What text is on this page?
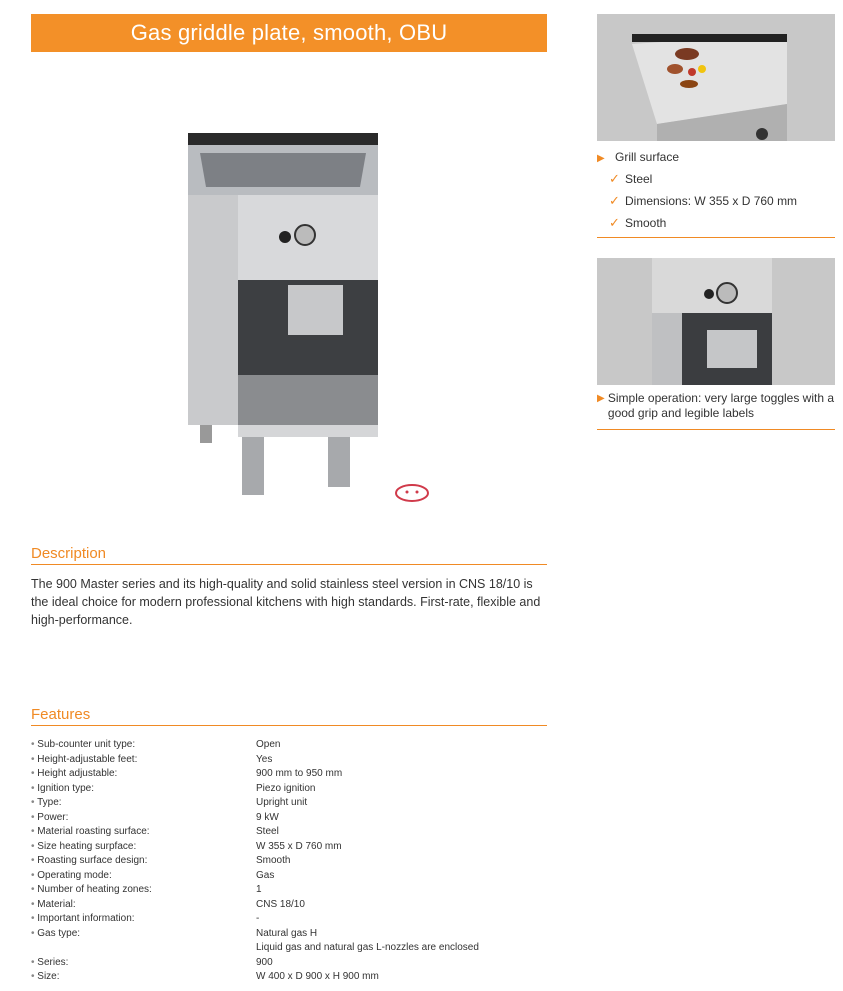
Gas griddle plate, smooth, OBU
Description
The 900 Master series and its high-quality and solid stainless steel version in CNS 18/10 is the ideal choice for modern professional kitchens with high standards. First-rate, flexible and high-performance.
Features
• Sub-counter unit type:	Open
• Height-adjustable feet:	Yes
• Height adjustable:	900 mm to 950 mm
• Ignition type:	Piezo ignition
• Type:	Upright unit
• Power:	9 kW
• Material roasting surface:	Steel
• Size heating surpface:	W 355 x D 760 mm
• Roasting surface design:	Smooth
• Operating mode:	Gas
• Number of heating zones:	1
• Material:	CNS 18/10
• Important information:	-
• Gas type:	Natural gas H
Liquid gas and natural gas L-nozzles are enclosed
• Series:	900
• Size:	W 400 x D 900 x H 900 mm
▶ Grill surface
✓ Steel
✓ Dimensions: W 355 x D 760 mm
✓ Smooth
▶ Simple operation: very large toggles with a good grip and legible labels
